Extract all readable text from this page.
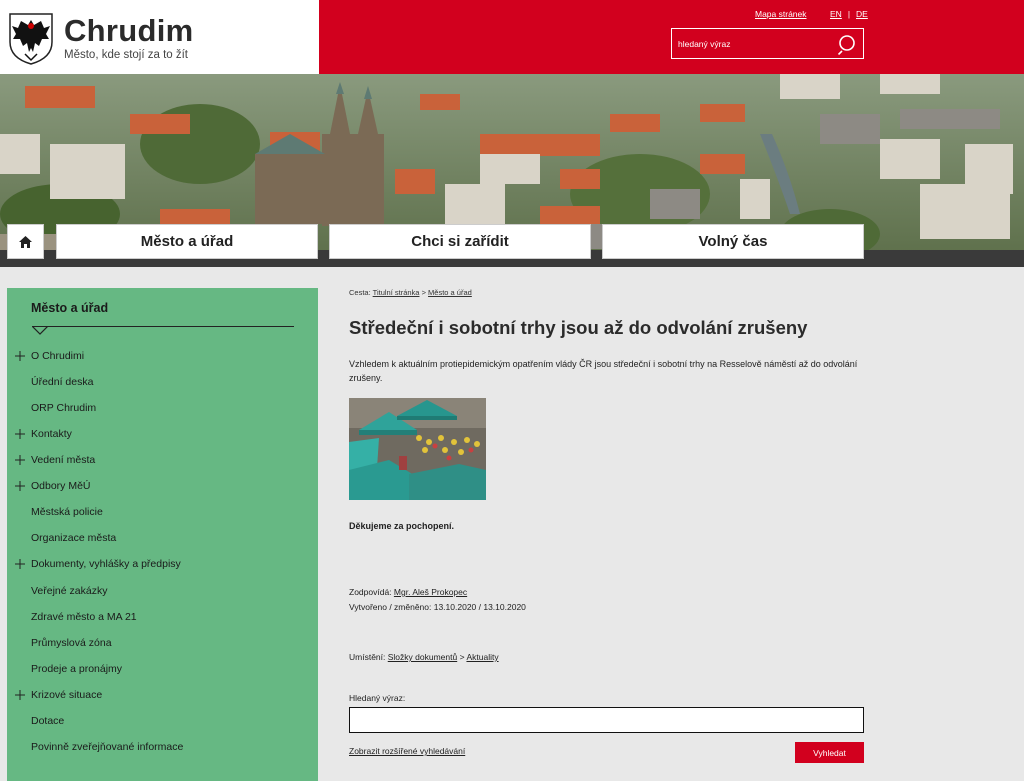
Chrudim
Město, kde stojí za to žít
Mapa stránek	EN | DE
hledaný výraz
Město a úřad	Chci si zařídit	Volný čas
Město a úřad
O Chrudimi
Úřední deska
ORP Chrudim
Kontakty
Vedení města
Odbory MěÚ
Městská policie
Organizace města
Dokumenty, vyhlášky a předpisy
Veřejné zakázky
Zdravé město a MA 21
Průmyslová zóna
Prodeje a pronájmy
Krizové situace
Dotace
Povinně zveřejňované informace
Cesta: Titulní stránka > Město a úřad
Středeční i sobotní trhy jsou až do odvolání zrušeny
Vzhledem k aktuálním protiepidemickým opatřením vlády ČR jsou středeční i sobotní trhy na Resselově náměstí až do odvolání zrušeny.
Děkujeme za pochopení.
Zodpovídá: Mgr. Aleš Prokopec
Vytvořeno / změněno: 13.10.2020 / 13.10.2020
Umístění: Složky dokumentů > Aktuality
Hledaný výraz:
Zobrazit rozšířené vyhledávání	Vyhledat
